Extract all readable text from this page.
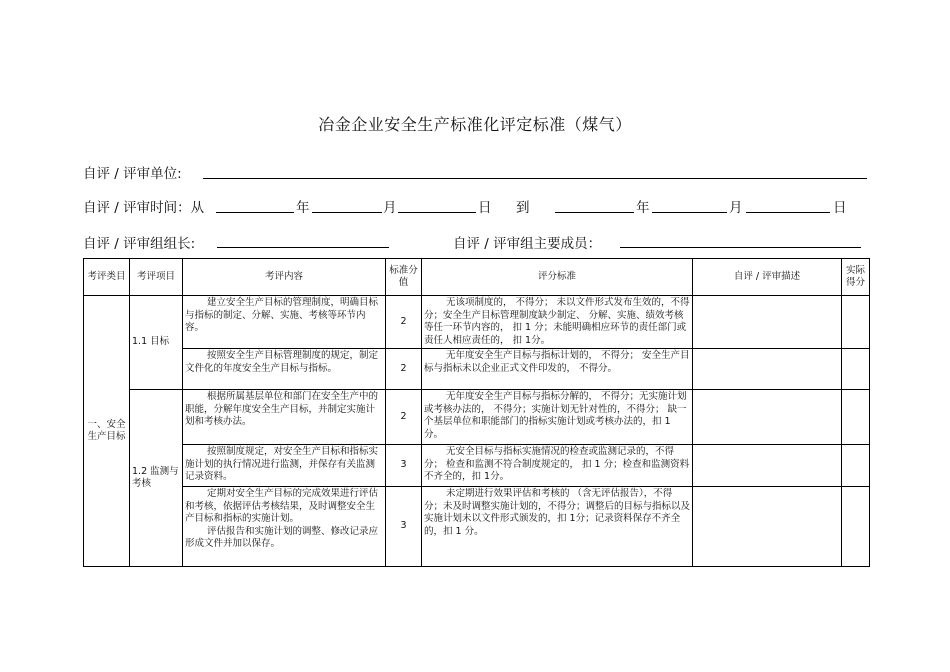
冶金企业安全生产标准化评定标准（煤气）
自评 / 评审单位:
自评 / 评审时间：从	年	月	日 到	年	月	日
自评 / 评审组组长:	自评 / 评审组主要成员：
考评类目	考评项目	考评内容	标准分值	评分标准	自评 / 评审描述	实际得分
一、安全生产目标	1.1 目标	建立安全生产目标的管理制度，明确目标与指标的制定、分解、实施、考核等环节内容。	2	无该项制度的， 不得分； 未以文件形式发布生效的，不得分；安全生产目标管理制度缺少制定、 分解、实施、绩效考核等任一环节内容的， 扣 1 分；未能明确相应环节的责任部门或责任人相应责任的， 扣 1分。		
		按照安全生产目标管理制度的规定，制定文件化的年度安全生产目标与指标。	2	无年度安全生产目标与指标计划的， 不得分； 安全生产目标与指标未以企业正式文件印发的， 不得分。		
	1.2 监测与考核	根据所属基层单位和部门在安全生产中的职能，分解年度安全生产目标，并制定实施计划和考核办法。	2	无年度安全生产目标与指标分解的， 不得分；无实施计划或考核办法的， 不得分；实施计划无针对性的，不得分； 缺一个基层单位和职能部门的指标实施计划或考核办法的，扣 1 分。		
		按照制度规定，对安全生产目标和指标实施计划的执行情况进行监测，并保存有关监测记录资料。	3	无安全目标与指标实施情况的检查或监测记录的，不得分； 检查和监测不符合制度规定的， 扣 1 分；检查和监测资料不齐全的，扣 1分。		

		定期对安全生产目标的完成效果进行评估和考核，依据评估考核结果，及时调整安全生产目标和指标的实施计划。
评估报告和实施计划的调整、修改记录应形成文件并加以保存。	3	未定期进行效果评估和考核的 （含无评估报告），不得分；未及时调整实施计划的，不得分；调整后的目标与指标以及实施计划未以文件形式颁发的，扣 1分；记录资料保存不齐全的，扣 1 分。		
